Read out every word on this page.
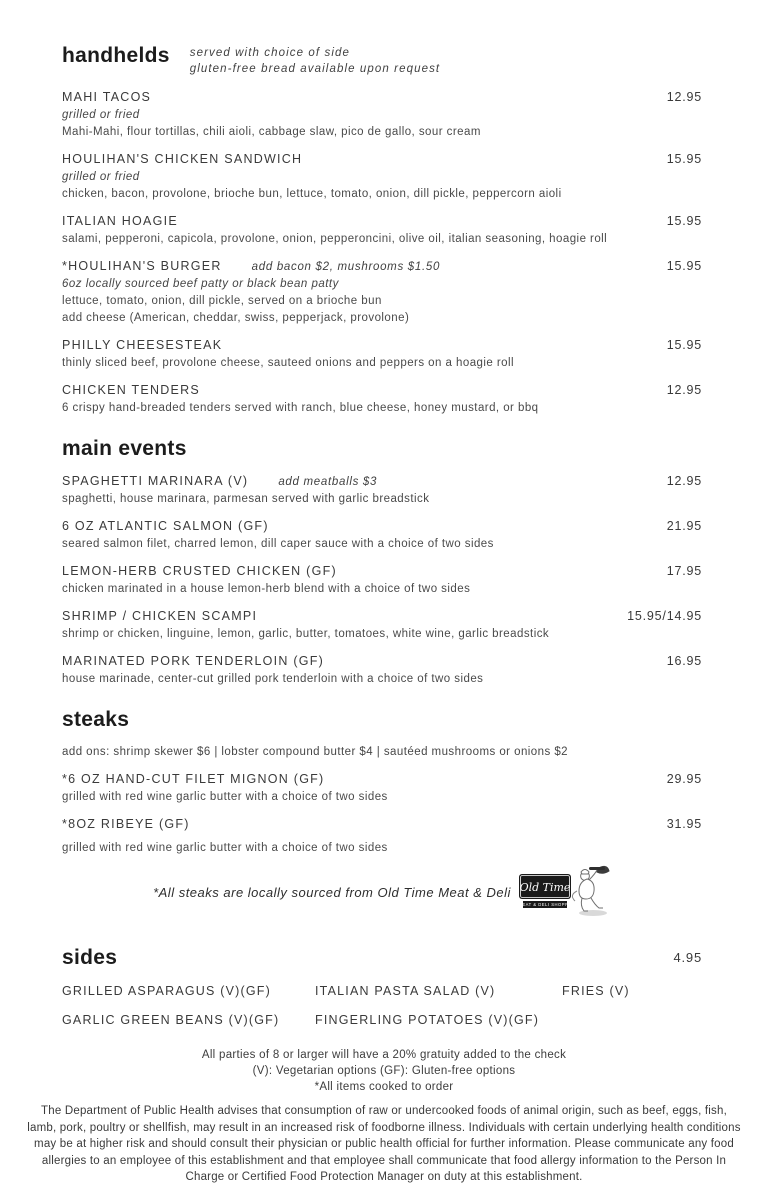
handhelds served with choice of side
gluten-free bread available upon request
MAHI TACOS	12.95
grilled or fried
Mahi-Mahi, flour tortillas, chili aioli, cabbage slaw, pico de gallo, sour cream
HOULIHAN'S CHICKEN SANDWICH	15.95
grilled or fried
chicken, bacon, provolone, brioche bun, lettuce, tomato, onion, dill pickle, peppercorn aioli
ITALIAN HOAGIE	15.95
salami, pepperoni, capicola, provolone, onion, pepperoncini, olive oil, italian seasoning, hoagie roll
*HOULIHAN'S BURGER	add bacon $2, mushrooms $1.50	15.95
6oz locally sourced beef patty or black bean patty
lettuce, tomato, onion, dill pickle, served on a brioche bun
add cheese (American, cheddar, swiss, pepperjack, provolone)
PHILLY CHEESESTEAK	15.95
thinly sliced beef, provolone cheese, sauteed onions and peppers on a hoagie roll
CHICKEN TENDERS	12.95
6 crispy hand-breaded tenders served with ranch, blue cheese, honey mustard, or bbq
main events
SPAGHETTI MARINARA (V)	add meatballs $3	12.95
spaghetti, house marinara, parmesan served with garlic breadstick
6 OZ ATLANTIC SALMON (GF)	21.95
seared salmon filet, charred lemon, dill caper sauce with a choice of two sides
LEMON-HERB CRUSTED CHICKEN (GF)	17.95
chicken marinated in a house lemon-herb blend with a choice of two sides
SHRIMP / CHICKEN SCAMPI	15.95/14.95
shrimp or chicken, linguine, lemon, garlic, butter, tomatoes, white wine, garlic breadstick
MARINATED PORK TENDERLOIN (GF)	16.95
house marinade, center-cut grilled pork tenderloin with a choice of two sides
steaks
add ons: shrimp skewer $6 | lobster compound butter $4 | sautéed mushrooms or onions $2
*6 OZ HAND-CUT FILET MIGNON (GF)	29.95
grilled with red wine garlic butter with a choice of two sides
*8OZ RIBEYE (GF)	31.95
grilled with red wine garlic butter with a choice of two sides
*All steaks are locally sourced from Old Time Meat & Deli Old Time
MEAT & DELI SHOPPE
sides	4.95
GRILLED ASPARAGUS (V)(GF)	ITALIAN PASTA SALAD (V)	FRIES (V)
GARLIC GREEN BEANS (V)(GF)	FINGERLING POTATOES (V)(GF)
All parties of 8 or larger will have a 20% gratuity added to the check
(V): Vegetarian options (GF): Gluten-free options
*All items cooked to order
The Department of Public Health advises that consumption of raw or undercooked foods of animal origin, such as beef, eggs, fish, lamb, pork, poultry or shellfish, may result in an increased risk of foodborne illness. Individuals with certain underlying health conditions may be at higher risk and should consult their physician or public health official for further information. Please communicate any food allergies to an employee of this establishment and that employee shall communicate that food allergy information to the Person In Charge or Certified Food Protection Manager on duty at this establishment.
